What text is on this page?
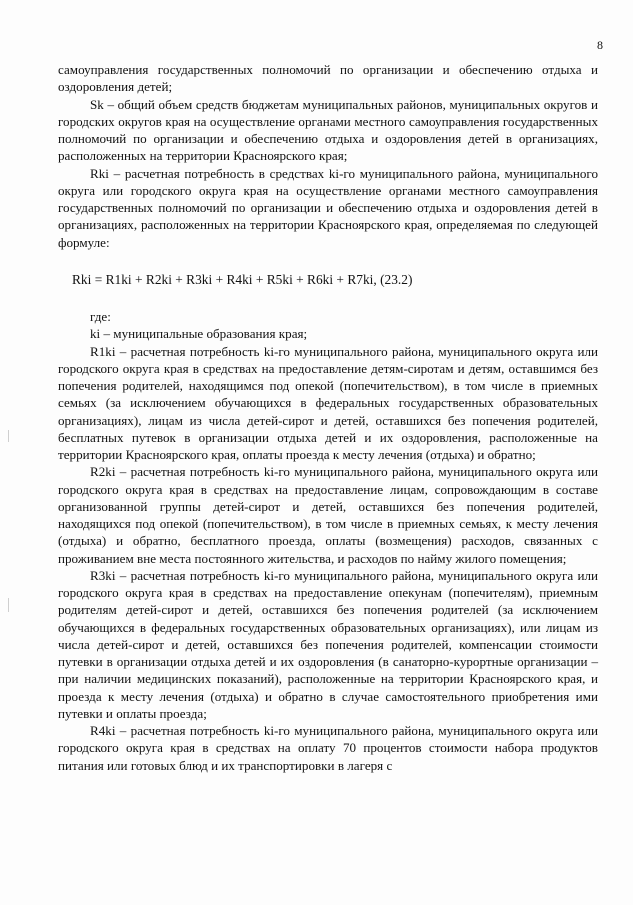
8

самоуправления государственных полномочий по организации и обеспечению отдыха и оздоровления детей;

Sk – общий объем средств бюджетам муниципальных районов, муниципальных округов и городских округов края на осуществление органами местного самоуправления государственных полномочий по организации и обеспечению отдыха и оздоровления детей в организациях, расположенных на территории Красноярского края;

Rki – расчетная потребность в средствах ki-го муниципального района, муниципального округа или городского округа края на осуществление органами местного самоуправления государственных полномочий по организации и обеспечению отдыха и оздоровления детей в организациях, расположенных на территории Красноярского края, определяемая по следующей формуле:

Rki = R1ki + R2ki + R3ki + R4ki + R5ki + R6ki + R7ki, (23.2)

где:

ki – муниципальные образования края;

R1ki – расчетная потребность ki-го муниципального района, муниципального округа или городского округа края в средствах на предоставление детям-сиротам и детям, оставшимся без попечения родителей, находящимся под опекой (попечительством), в том числе в приемных семьях (за исключением обучающихся в федеральных государственных образовательных организациях), лицам из числа детей-сирот и детей, оставшихся без попечения родителей, бесплатных путевок в организации отдыха детей и их оздоровления, расположенные на территории Красноярского края, оплаты проезда к месту лечения (отдыха) и обратно;

R2ki – расчетная потребность ki-го муниципального района, муниципального округа или городского округа края в средствах на предоставление лицам, сопровождающим в составе организованной группы детей-сирот и детей, оставшихся без попечения родителей, находящихся под опекой (попечительством), в том числе в приемных семьях, к месту лечения (отдыха) и обратно, бесплатного проезда, оплаты (возмещения) расходов, связанных с проживанием вне места постоянного жительства, и расходов по найму жилого помещения;

R3ki – расчетная потребность ki-го муниципального района, муниципального округа или городского округа края в средствах на предоставление опекунам (попечителям), приемным родителям детей-сирот и детей, оставшихся без попечения родителей (за исключением обучающихся в федеральных государственных образовательных организациях), или лицам из числа детей-сирот и детей, оставшихся без попечения родителей, компенсации стоимости путевки в организации отдыха детей и их оздоровления (в санаторно-курортные организации – при наличии медицинских показаний), расположенные на территории Красноярского края, и проезда к месту лечения (отдыха) и обратно в случае самостоятельного приобретения ими путевки и оплаты проезда;

R4ki – расчетная потребность ki-го муниципального района, муниципального округа или городского округа края в средствах на оплату 70 процентов стоимости набора продуктов питания или готовых блюд и их транспортировки в лагеря с
